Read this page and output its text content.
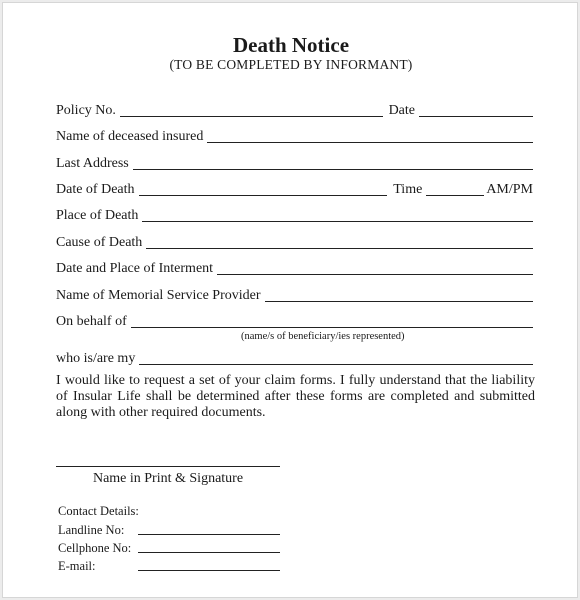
Death Notice
(TO BE COMPLETED BY INFORMANT)
Policy No.	Date
Name of deceased insured
Last Address
Date of Death	Time	AM/PM
Place of Death
Cause of Death
Date and Place of Interment
Name of Memorial Service Provider
On behalf of
(name/s of beneficiary/ies represented)
who is/are my
I would like to request a set of your claim forms. I fully understand that the liability of Insular Life shall be determined after these forms are completed and submitted along with other required documents.
Name in Print & Signature
Contact Details:
Landline No:
Cellphone No:
E-mail:
